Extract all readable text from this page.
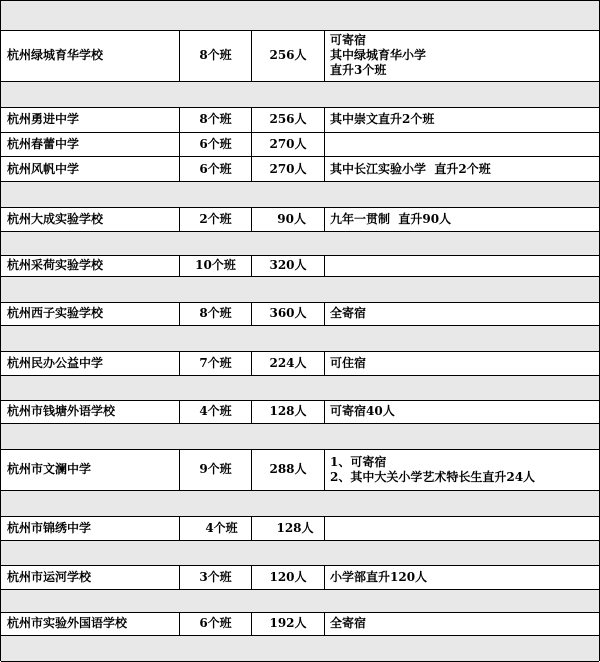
杭州绿城育华学校	8个班	256人
可寄宿
其中绿城育华小学
直升3个班
杭州勇进中学	8个班	256人	其中崇文直升2个班
杭州春蕾中学	6个班	270人
杭州风帆中学	6个班	270人	其中长江实验小学  直升2个班
杭州大成实验学校	2个班	90人	九年一贯制  直升90人
杭州采荷实验学校	10个班	320人
杭州西子实验学校	8个班	360人	全寄宿
杭州民办公益中学	7个班	224人	可住宿
杭州市钱塘外语学校	4个班	128人	可寄宿40人
杭州市文澜中学	9个班	288人
1、可寄宿
2、其中大关小学艺术特长生直升24人
杭州市锦绣中学	4个班	128人
杭州市运河学校	3个班	120人	小学部直升120人
杭州市实验外国语学校	6个班	192人	全寄宿
